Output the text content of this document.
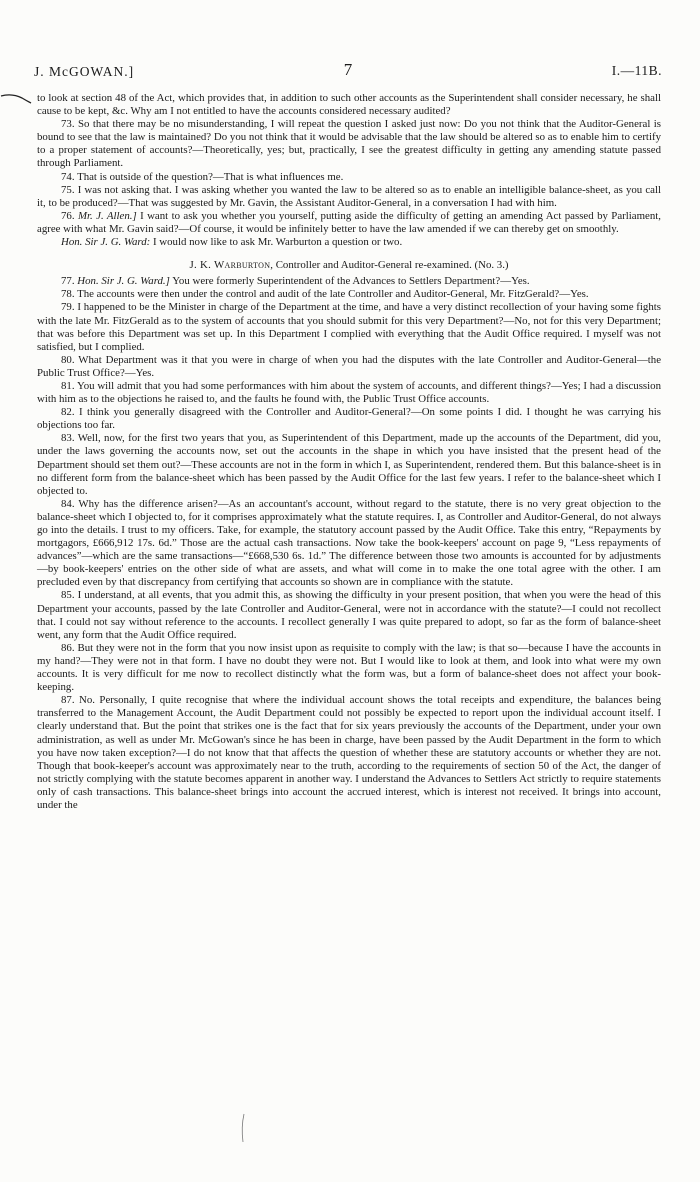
J. McGOWAN.]	7	I.—11B.

to look at section 48 of the Act, which provides that, in addition to such other accounts as the Superintendent shall consider necessary, he shall cause to be kept, &c. Why am I not entitled to have the accounts considered necessary audited?

73. So that there may be no misunderstanding, I will repeat the question I asked just now: Do you not think that the Auditor-General is bound to see that the law is maintained? Do you not think that it would be advisable that the law should be altered so as to enable him to certify to a proper statement of accounts?—Theoretically, yes; but, practically, I see the greatest difficulty in getting any amending statute passed through Parliament.

74. That is outside of the question?—That is what influences me.

75. I was not asking that. I was asking whether you wanted the law to be altered so as to enable an intelligible balance-sheet, as you call it, to be produced?—That was suggested by Mr. Gavin, the Assistant Auditor-General, in a conversation I had with him.

76. Mr. J. Allen.] I want to ask you whether you yourself, putting aside the difficulty of getting an amending Act passed by Parliament, agree with what Mr. Gavin said?—Of course, it would be infinitely better to have the law amended if we can thereby get on smoothly.

Hon. Sir J. G. Ward: I would now like to ask Mr. Warburton a question or two.

J. K. Warburton, Controller and Auditor-General re-examined. (No. 3.)

77. Hon. Sir J. G. Ward.] You were formerly Superintendent of the Advances to Settlers Department?—Yes.

78. The accounts were then under the control and audit of the late Controller and Auditor-General, Mr. FitzGerald?—Yes.

79. I happened to be the Minister in charge of the Department at the time, and have a very distinct recollection of your having some fights with the late Mr. FitzGerald as to the system of accounts that you should submit for this very Department?—No, not for this very Department; that was before this Department was set up. In this Department I complied with everything that the Audit Office required. I myself was not satisfied, but I complied.

80. What Department was it that you were in charge of when you had the disputes with the late Controller and Auditor-General—the Public Trust Office?—Yes.

81. You will admit that you had some performances with him about the system of accounts, and different things?—Yes; I had a discussion with him as to the objections he raised to, and the faults he found with, the Public Trust Office accounts.

82. I think you generally disagreed with the Controller and Auditor-General?—On some points I did. I thought he was carrying his objections too far.

83. Well, now, for the first two years that you, as Superintendent of this Department, made up the accounts of the Department, did you, under the laws governing the accounts now, set out the accounts in the shape in which you have insisted that the present head of the Department should set them out?—These accounts are not in the form in which I, as Superintendent, rendered them. But this balance-sheet is in no different form from the balance-sheet which has been passed by the Audit Office for the last few years. I refer to the balance-sheet which I objected to.

84. Why has the difference arisen?—As an accountant's account, without regard to the statute, there is no very great objection to the balance-sheet which I objected to, for it comprises approximately what the statute requires. I, as Controller and Auditor-General, do not always go into the details. I trust to my officers. Take, for example, the statutory account passed by the Audit Office. Take this entry, “Repayments by mortgagors, £666,912 17s. 6d.” Those are the actual cash transactions. Now take the book-keepers' account on page 9, “Less repayments of advances”—which are the same transactions—“£668,530 6s. 1d.” The difference between those two amounts is accounted for by adjustments—by book-keepers' entries on the other side of what are assets, and what will come in to make the one total agree with the other. I am precluded even by that discrepancy from certifying that accounts so shown are in compliance with the statute.

85. I understand, at all events, that you admit this, as showing the difficulty in your present position, that when you were the head of this Department your accounts, passed by the late Controller and Auditor-General, were not in accordance with the statute?—I could not recollect that. I could not say without reference to the accounts. I recollect generally I was quite prepared to adopt, so far as the form of balance-sheet went, any form that the Audit Office required.

86. But they were not in the form that you now insist upon as requisite to comply with the law; is that so—because I have the accounts in my hand?—They were not in that form. I have no doubt they were not. But I would like to look at them, and look into what were my own accounts. It is very difficult for me now to recollect distinctly what the form was, but a form of balance-sheet does not affect your book-keeping.

87. No. Personally, I quite recognise that where the individual account shows the total receipts and expenditure, the balances being transferred to the Management Account, the Audit Department could not possibly be expected to report upon the individual account itself. I clearly understand that. But the point that strikes one is the fact that for six years previously the accounts of the Department, under your own administration, as well as under Mr. McGowan's since he has been in charge, have been passed by the Audit Department in the form to which you have now taken exception?—I do not know that that affects the question of whether these are statutory accounts or whether they are not. Though that book-keeper's account was approximately near to the truth, according to the requirements of section 50 of the Act, the danger of not strictly complying with the statute becomes apparent in another way. I understand the Advances to Settlers Act strictly to require statements only of cash transactions. This balance-sheet brings into account the accrued interest, which is interest not received. It brings into account, under the
